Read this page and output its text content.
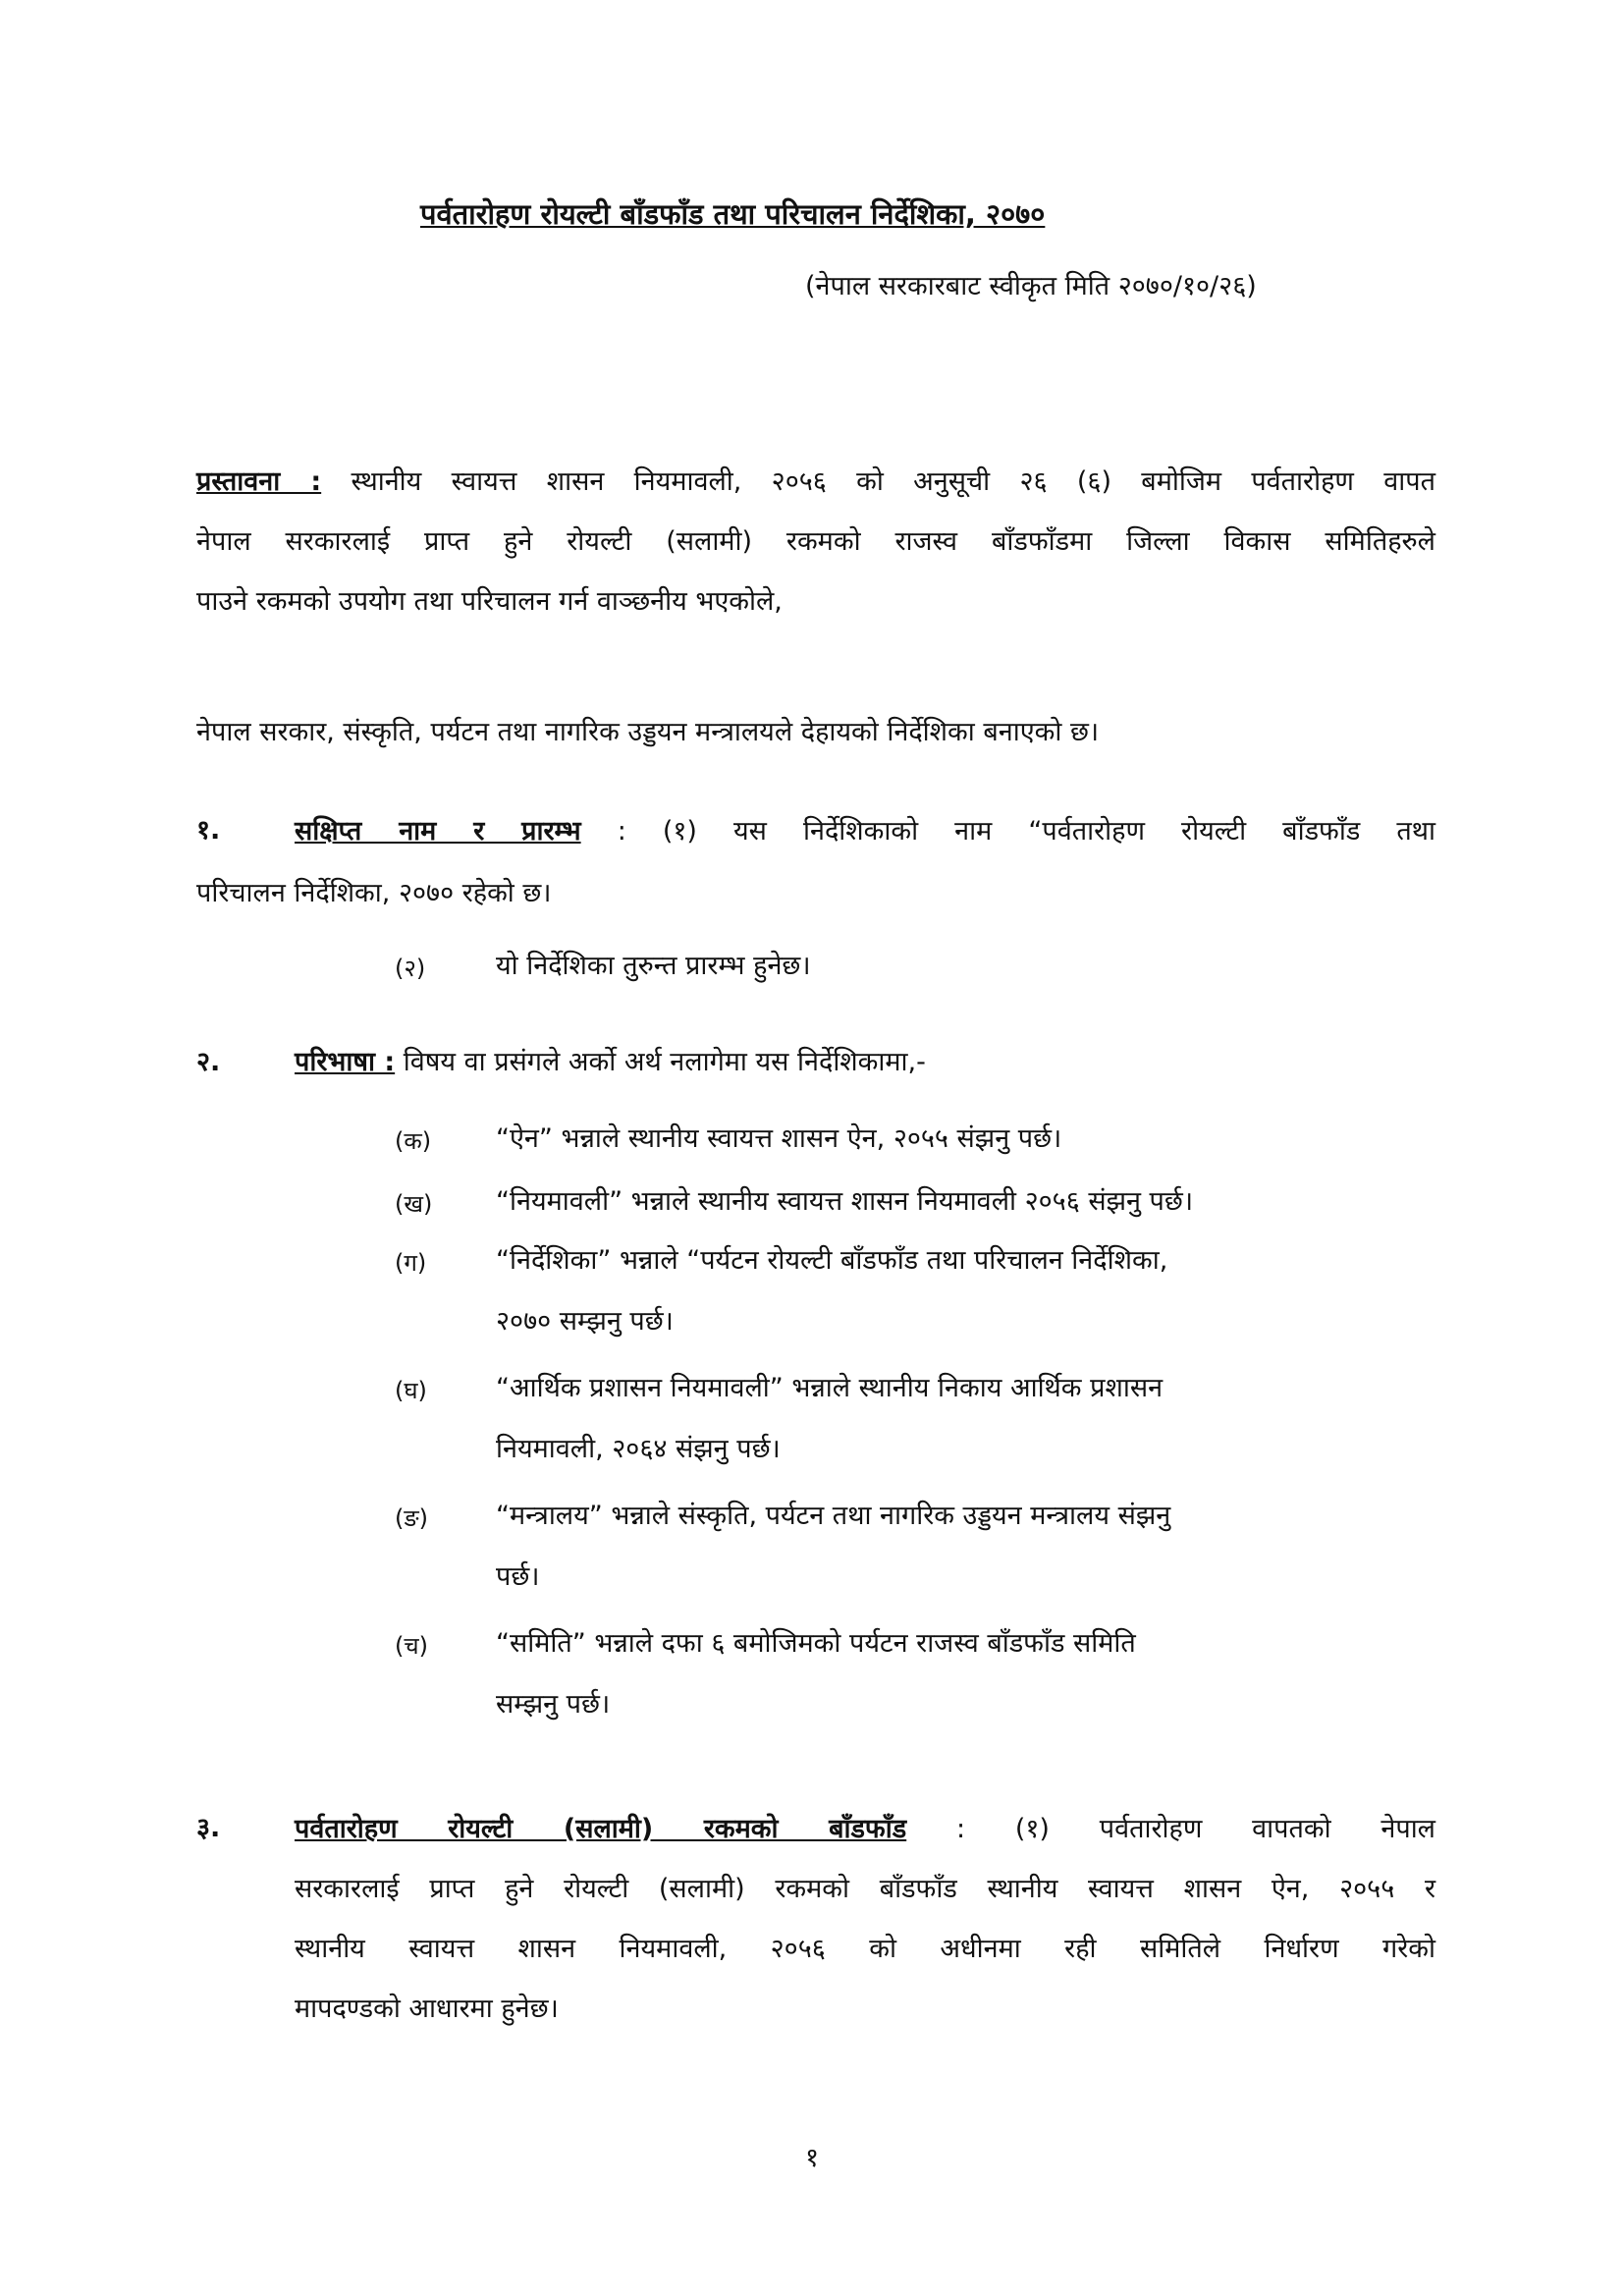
पर्वतारोहण रोयल्टी बाँडफाँड तथा परिचालन निर्देशिका, २०७०
(नेपाल सरकारबाट स्वीकृत मिति २०७०/१०/२६)
प्रस्तावना : स्थानीय स्वायत्त शासन नियमावली, २०५६ को अनुसूची २६ (६) बमोजिम पर्वतारोहण वापत
नेपाल सरकारलाई प्राप्त हुने रोयल्टी (सलामी) रकमको राजस्व बाँडफाँडमा जिल्ला विकास समितिहरुले
पाउने रकमको उपयोग तथा परिचालन गर्न वाञ्छनीय भएकोले,
नेपाल सरकार, संस्कृति, पर्यटन तथा नागरिक उड्डयन मन्त्रालयले देहायको निर्देशिका बनाएको छ।
१.	सक्षिप्त नाम र प्रारम्भ : (१) यस निर्देशिकाको नाम “पर्वतारोहण रोयल्टी बाँडफाँड तथा
परिचालन निर्देशिका, २०७० रहेको छ।
(२)	यो निर्देशिका तुरुन्त प्रारम्भ हुनेछ।
२.	परिभाषा : विषय वा प्रसंगले अर्को अर्थ नलागेमा यस निर्देशिकामा,-
(क) “ऐन” भन्नाले स्थानीय स्वायत्त शासन ऐन, २०५५ संझनु पर्छ।
(ख) “नियमावली” भन्नाले स्थानीय स्वायत्त शासन नियमावली २०५६ संझनु पर्छ।
(ग)	“निर्देशिका” भन्नाले “पर्यटन रोयल्टी बाँडफाँड तथा परिचालन निर्देशिका,
२०७० सम्झनु पर्छ।
(घ)	“आर्थिक प्रशासन नियमावली” भन्नाले स्थानीय निकाय आर्थिक प्रशासन
नियमावली, २०६४ संझनु पर्छ।
(ङ)	“मन्त्रालय” भन्नाले संस्कृति, पर्यटन तथा नागरिक उड्डयन मन्त्रालय संझनु
पर्छ।
(च)	“समिति” भन्नाले दफा ६ बमोजिमको पर्यटन राजस्व बाँडफाँड समिति
सम्झनु पर्छ।
३.	पर्वतारोहण रोयल्टी (सलामी) रकमको बाँडफाँड : (१) पर्वतारोहण वापतको नेपाल
सरकारलाई प्राप्त हुने रोयल्टी (सलामी) रकमको बाँडफाँड स्थानीय स्वायत्त शासन ऐन, २०५५ र
स्थानीय स्वायत्त शासन नियमावली, २०५६ को अधीनमा रही समितिले निर्धारण गरेको
मापदण्डको आधारमा हुनेछ।
१
